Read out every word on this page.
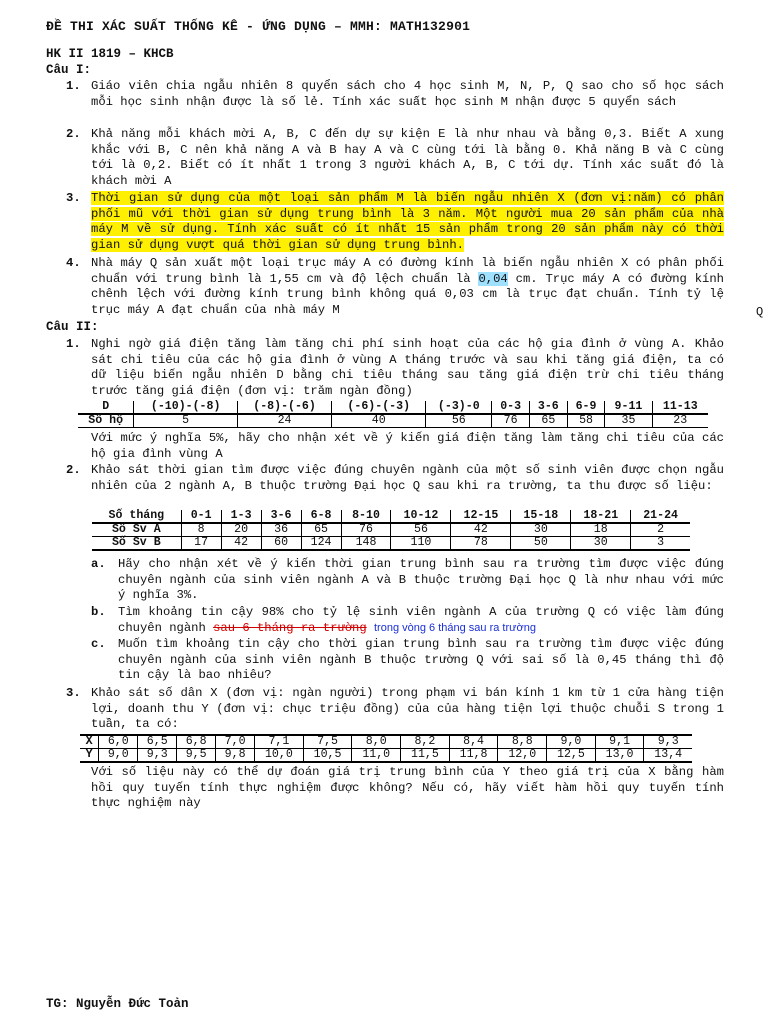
ĐỀ THI XÁC SUẤT THỐNG KÊ - ỨNG DỤNG – MMH: MATH132901
HK II 1819 – KHCB
Câu I:
1. Giáo viên chia ngẫu nhiên 8 quyển sách cho 4 học sinh M, N, P, Q sao cho số học sách mỗi học sinh nhận được là số lẻ. Tính xác suất học sinh M nhận được 5 quyển sách
2. Khả năng mỗi khách mời A, B, C đến dự sự kiện E là như nhau và bằng 0,3. Biết A xung khắc với B, C nên khả năng A và B hay A và C cùng tới là bằng 0. Khả năng B và C cùng tới là 0,2. Biết có ít nhất 1 trong 3 người khách A, B, C tới dự. Tính xác suất đó là khách mời A
3. Thời gian sử dụng của một loại sản phẩm M là biến ngẫu nhiên X (đơn vị:năm) có phân phối mũ với thời gian sử dụng trung bình là 3 năm. Một người mua 20 sản phẩm của nhà máy M về sử dụng. Tính xác suất có ít nhất 15 sản phẩm trong 20 sản phẩm này có thời gian sử dụng vượt quá thời gian sử dụng trung bình.
4. Nhà máy Q sản xuất một loại trục máy A có đường kính là biến ngẫu nhiên X có phân phối chuẩn với trung bình là 1,55 cm và độ lệch chuẩn là 0,04 cm. Trục máy A có đường kính chênh lệch với đường kính trung bình không quá 0,03 cm là trục đạt chuẩn. Tính tỷ lệ trục máy A đạt chuẩn của nhà máy M	Q
Câu II:
1. Nghi ngờ giá điện tăng làm tăng chi phí sinh hoạt của các hộ gia đình ở vùng A. Khảo sát chi tiêu của các hộ gia đình ở vùng A tháng trước và sau khi tăng giá điện, ta có dữ liệu biến ngẫu nhiên D bằng chi tiêu tháng sau tăng giá điện trừ chi tiêu tháng trước tăng giá điện (đơn vị: trăm ngàn đồng)
D	(-10)-(-8)	(-8)-(-6)	(-6)-(-3)	(-3)-0	0-3	3-6	6-9	9-11	11-13
Số hộ	5	24	40	56	76	65	58	35	23
Với mức ý nghĩa 5%, hãy cho nhận xét về ý kiến giá điện tăng làm tăng chi tiêu của các hộ gia đình vùng A
2. Khảo sát thời gian tìm được việc đúng chuyên ngành của một số sinh viên được chọn ngẫu nhiên của 2 ngành A, B thuộc trường Đại học Q sau khi ra trường, ta thu được số liệu:
Số tháng	0-1	1-3	3-6	6-8	8-10	10-12	12-15	15-18	18-21	21-24
Số Sv A	8	20	36	65	76	56	42	30	18	2
Số Sv B	17	42	60	124	148	110	78	50	30	3
a. Hãy cho nhận xét về ý kiến thời gian trung bình sau ra trường tìm được việc đúng chuyên ngành của sinh viên ngành A và B thuộc trường Đại học Q là như nhau với mức ý nghĩa 3%.
b. Tìm khoảng tin cậy 98% cho tỷ lệ sinh viên ngành A của trường Q có việc làm đúng chuyên ngành sau 6 tháng ra trường trong vòng 6 tháng sau ra trường
c. Muốn tìm khoảng tin cậy cho thời gian trung bình sau ra trường tìm được việc đúng chuyên ngành của sinh viên ngành B thuộc trường Q với sai số là 0,45 tháng thì độ tin cậy là bao nhiêu?
3. Khảo sát số dân X (đơn vị: ngàn người) trong phạm vi bán kính 1 km từ 1 cửa hàng tiện lợi, doanh thu Y (đơn vị: chục triệu đồng) của của hàng tiện lợi thuộc chuỗi S trong 1 tuần, ta có:
X	6,0	6,5	6,8	7,0	7,1	7,5	8,0	8,2	8,4	8,8	9,0	9,1	9,3
Y	9,0	9,3	9,5	9,8	10,0	10,5	11,0	11,5	11,8	12,0	12,5	13,0	13,4
Với số liệu này có thể dự đoán giá trị trung bình của Y theo giá trị của X bằng hàm hồi quy tuyến tính thực nghiệm được không? Nếu có, hãy viết hàm hồi quy tuyến tính thực nghiệm này
TG: Nguyễn Đức Toản
